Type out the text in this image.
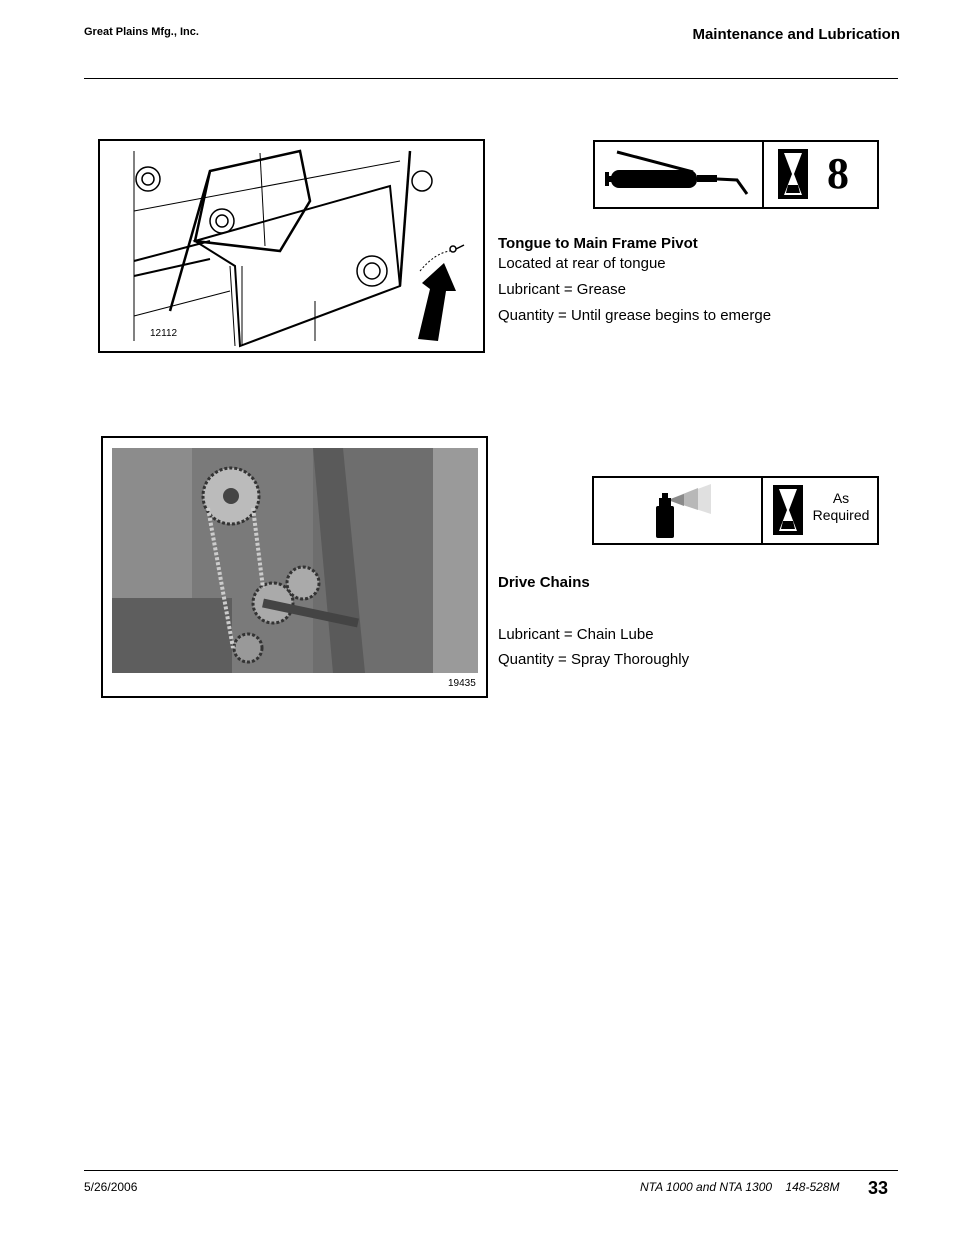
Great Plains Mfg., Inc.	Maintenance and Lubrication
12112
8
Tongue to Main Frame Pivot
Located at rear of tongue
Lubricant = Grease
Quantity = Until grease begins to emerge
19435
As
Required
Drive Chains
Lubricant = Chain Lube
Quantity = Spray Thoroughly
5/26/2006	NTA 1000 and NTA 1300 148-528M 33
